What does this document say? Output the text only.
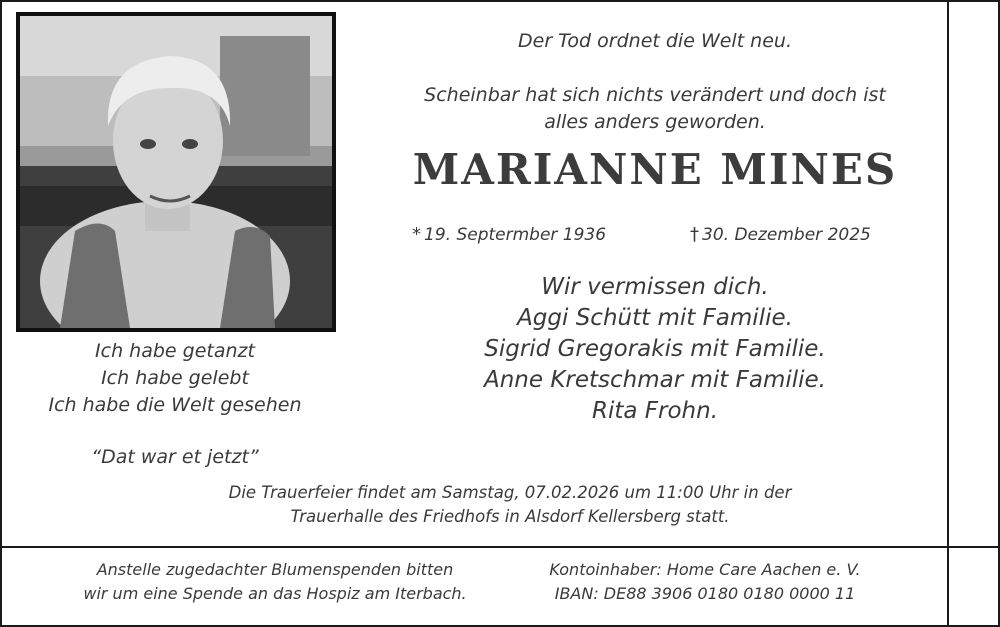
Der Tod ordnet die Welt neu.

Scheinbar hat sich nichts verändert und doch ist

alles anders geworden.

MARIANNE MINES
* 19. Septermber 1936	† 30. Dezember 2025
Wir vermissen dich.
Aggi Schütt mit Familie.
Sigrid Gregorakis mit Familie.
Anne Kretschmar mit Familie.
Rita Frohn.
Ich habe getanzt
Ich habe gelebt
Ich habe die Welt gesehen
“Dat war et jetzt”
Die Trauerfeier findet am Samstag, 07.02.2026 um 11:00 Uhr in der
Trauerhalle des Friedhofs in Alsdorf Kellersberg statt.
Anstelle zugedachter Blumenspenden bitten
wir um eine Spende an das Hospiz am Iterbach.
Kontoinhaber: Home Care Aachen e. V.
IBAN: DE88 3906 0180 0180 0000 11
